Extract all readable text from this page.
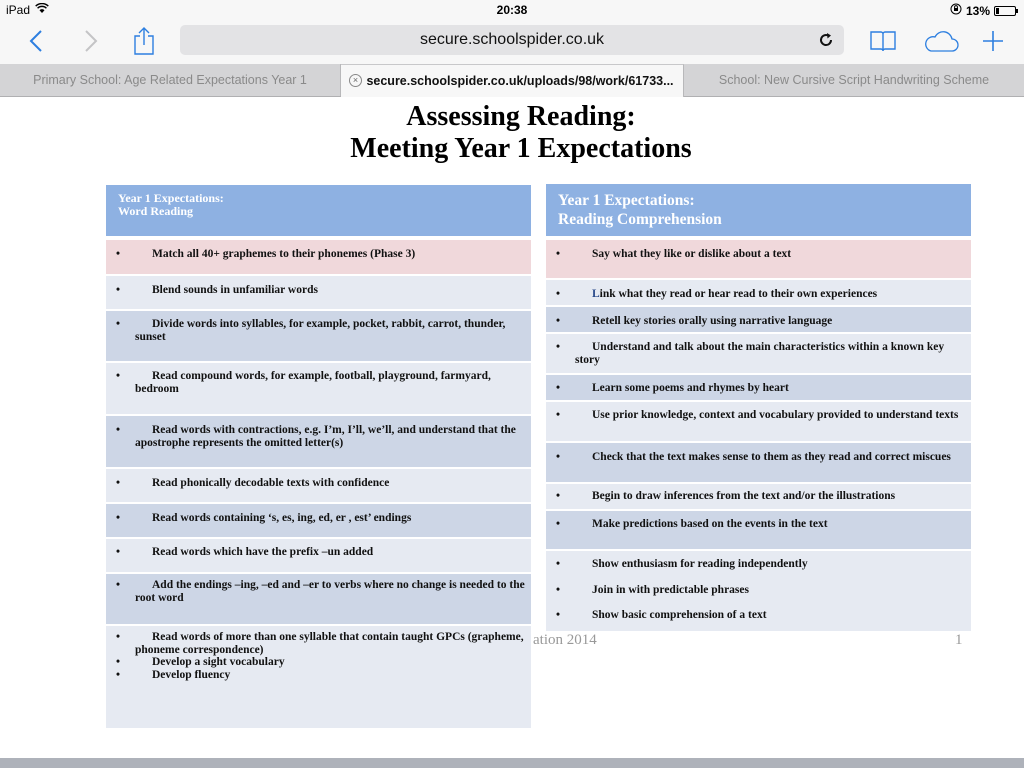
iPad	20:38	13%
secure.schoolspider.co.uk
Primary School: Age Related Expectations Year 1	× secure.schoolspider.co.uk/uploads/98/work/61733...	School: New Cursive Script Handwriting Scheme
Assessing Reading:
Meeting Year 1 Expectations
Year 1 Expectations:
Word Reading
•	Match all 40+ graphemes to their phonemes (Phase 3)
•	Blend sounds in unfamiliar words
•	Divide words into syllables, for example, pocket, rabbit, carrot, thunder, sunset
•	Read compound words, for example, football, playground, farmyard, bedroom
•	Read words with contractions, e.g. I’m, I’ll, we’ll, and understand that the apostrophe represents the omitted letter(s)
•	Read phonically decodable texts with confidence
•	Read words containing ‘s, es, ing, ed, er , est’ endings
•	Read words which have the prefix –un added
•	Add the endings –ing, –ed and –er to verbs where no change is needed to the root word
•	Read words of more than one syllable that contain taught GPCs (grapheme, phoneme correspondence)
•	Develop a sight vocabulary
•	Develop fluency
Year 1 Expectations:
Reading Comprehension
•	Say what they like or dislike about a text
•	Link what they read or hear read to their own experiences
•	Retell key stories orally using narrative language
•	Understand and talk about the main characteristics within a known key story
•	Learn some poems and rhymes by heart
•	Use prior knowledge, context and vocabulary provided to understand texts
•	Check that the text makes sense to them as they read and correct miscues
•	Begin to draw inferences from the text and/or the illustrations
•	Make predictions based on the events in the text
•	Show enthusiasm for reading independently
•	Join in with predictable phrases
•	Show basic comprehension of a text
ation 2014	1
